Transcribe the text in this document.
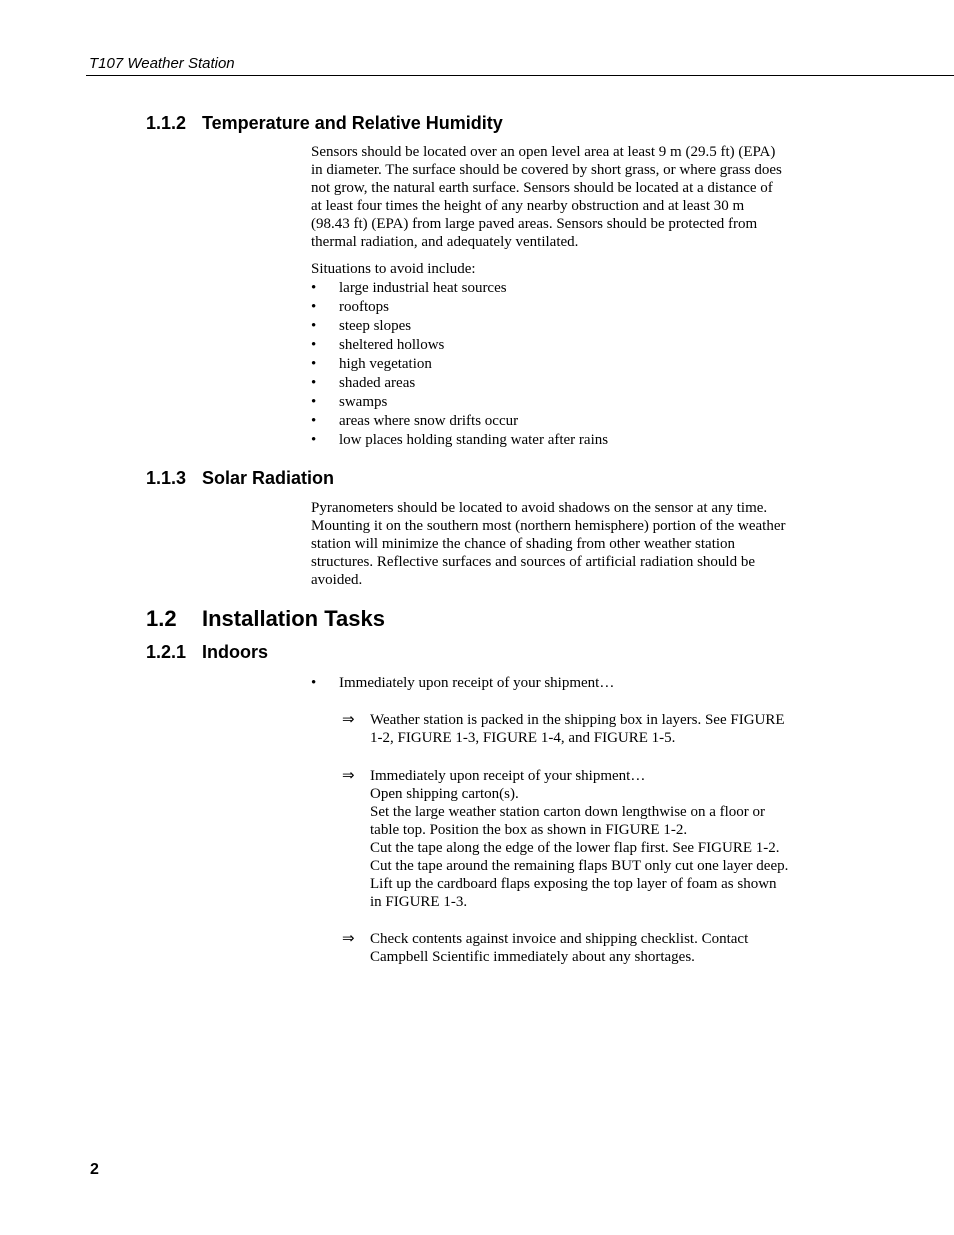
T107 Weather Station
1.1.2 Temperature and Relative Humidity

Sensors should be located over an open level area at least 9 m (29.5 ft) (EPA)
in diameter. The surface should be covered by short grass, or where grass does
not grow, the natural earth surface. Sensors should be located at a distance of
at least four times the height of any nearby obstruction and at least 30 m
(98.43 ft) (EPA) from large paved areas. Sensors should be protected from
thermal radiation, and adequately ventilated.

Situations to avoid include:

• large industrial heat sources
• rooftops
• steep slopes
• sheltered hollows
• high vegetation
• shaded areas
• swamps
• areas where snow drifts occur
• low places holding standing water after rains
1.1.3 Solar Radiation

Pyranometers should be located to avoid shadows on the sensor at any time.
Mounting it on the southern most (northern hemisphere) portion of the weather
station will minimize the chance of shading from other weather station
structures. Reflective surfaces and sources of artificial radiation should be
avoided.

1.2 Installation Tasks
1.2.1 Indoors
• Immediately upon receipt of your shipment…
⇒ Weather station is packed in the shipping box in layers. See FIGURE
1-2, FIGURE 1-3, FIGURE 1-4, and FIGURE 1-5.
⇒ Immediately upon receipt of your shipment…
Open shipping carton(s).
Set the large weather station carton down lengthwise on a floor or
table top. Position the box as shown in FIGURE 1-2.
Cut the tape along the edge of the lower flap first. See FIGURE 1-2.
Cut the tape around the remaining flaps BUT only cut one layer deep.
Lift up the cardboard flaps exposing the top layer of foam as shown
in FIGURE 1-3.
⇒ Check contents against invoice and shipping checklist. Contact
Campbell Scientific immediately about any shortages.
2
